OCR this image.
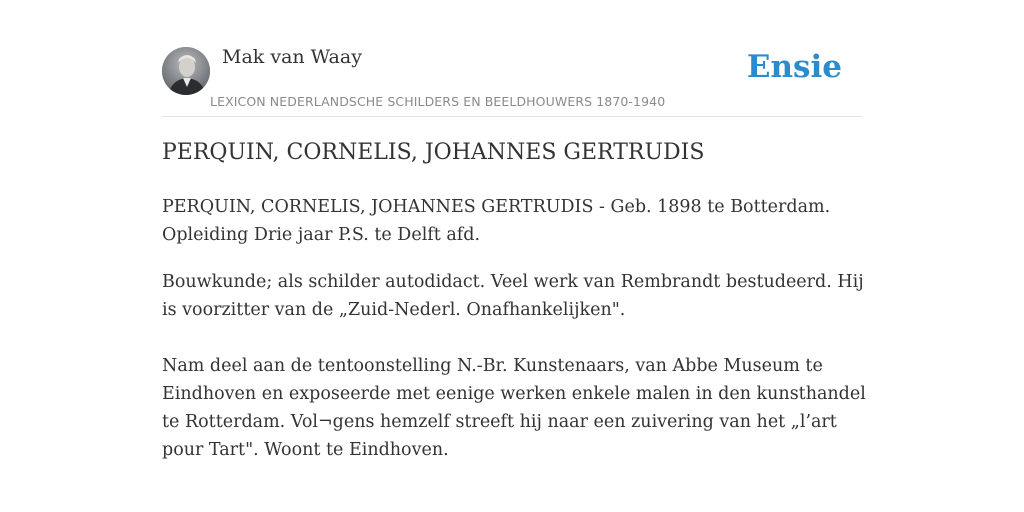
Mak van Waay
LEXICON NEDERLANDSCHE SCHILDERS EN BEELDHOUWERS 1870-1940
Ensie
PERQUIN, CORNELIS, JOHANNES GERTRUDIS

PERQUIN, CORNELIS, JOHANNES GERTRUDIS - Geb. 1898 te Botterdam. Opleiding Drie jaar P.S. te Delft afd.

Bouwkunde; als schilder autodidact. Veel werk van Rembrandt bestudeerd. Hij is voorzitter van de „Zuid-Nederl. Onafhankelijken".

Nam deel aan de tentoonstelling N.-Br. Kunstenaars, van Abbe Museum te Eindhoven en exposeerde met eenige werken enkele malen in den kunsthandel te Rotterdam. Vol¬gens hemzelf streeft hij naar een zuivering van het „l’art pour Tart". Woont te Eindhoven.
